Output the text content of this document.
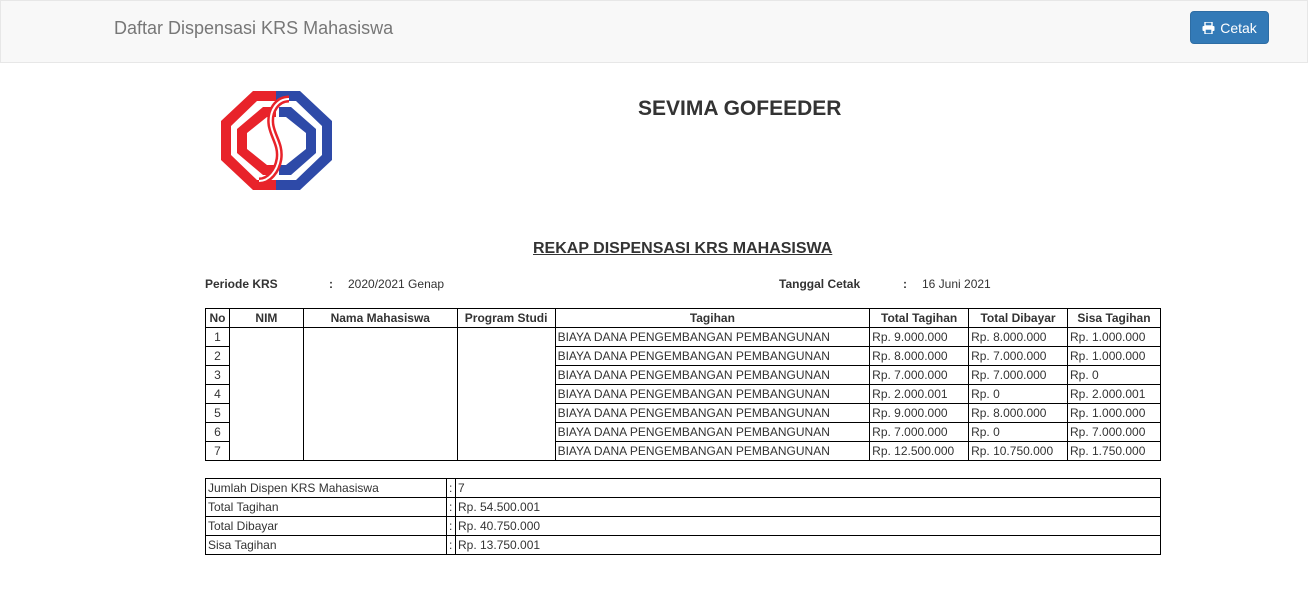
Daftar Dispensasi KRS Mahasiswa	Cetak
SEVIMA GOFEEDER
REKAP DISPENSASI KRS MAHASISWA
Periode KRS	: 2020/2021 Genap	Tanggal Cetak	: 16 Juni 2021
No	NIM	Nama Mahasiswa	Program Studi	Tagihan	Total Tagihan	Total Dibayar	Sisa Tagihan
1				BIAYA DANA PENGEMBANGAN PEMBANGUNAN	Rp. 9.000.000	Rp. 8.000.000	Rp. 1.000.000
2				BIAYA DANA PENGEMBANGAN PEMBANGUNAN	Rp. 8.000.000	Rp. 7.000.000	Rp. 1.000.000
3				BIAYA DANA PENGEMBANGAN PEMBANGUNAN	Rp. 7.000.000	Rp. 7.000.000	Rp. 0
4				BIAYA DANA PENGEMBANGAN PEMBANGUNAN	Rp. 2.000.001	Rp. 0	Rp. 2.000.001
5				BIAYA DANA PENGEMBANGAN PEMBANGUNAN	Rp. 9.000.000	Rp. 8.000.000	Rp. 1.000.000
6				BIAYA DANA PENGEMBANGAN PEMBANGUNAN	Rp. 7.000.000	Rp. 0	Rp. 7.000.000
7				BIAYA DANA PENGEMBANGAN PEMBANGUNAN	Rp. 12.500.000	Rp. 10.750.000	Rp. 1.750.000
Jumlah Dispen KRS Mahasiswa	:	7
Total Tagihan	:	Rp. 54.500.001
Total Dibayar	:	Rp. 40.750.000
Sisa Tagihan	:	Rp. 13.750.001
